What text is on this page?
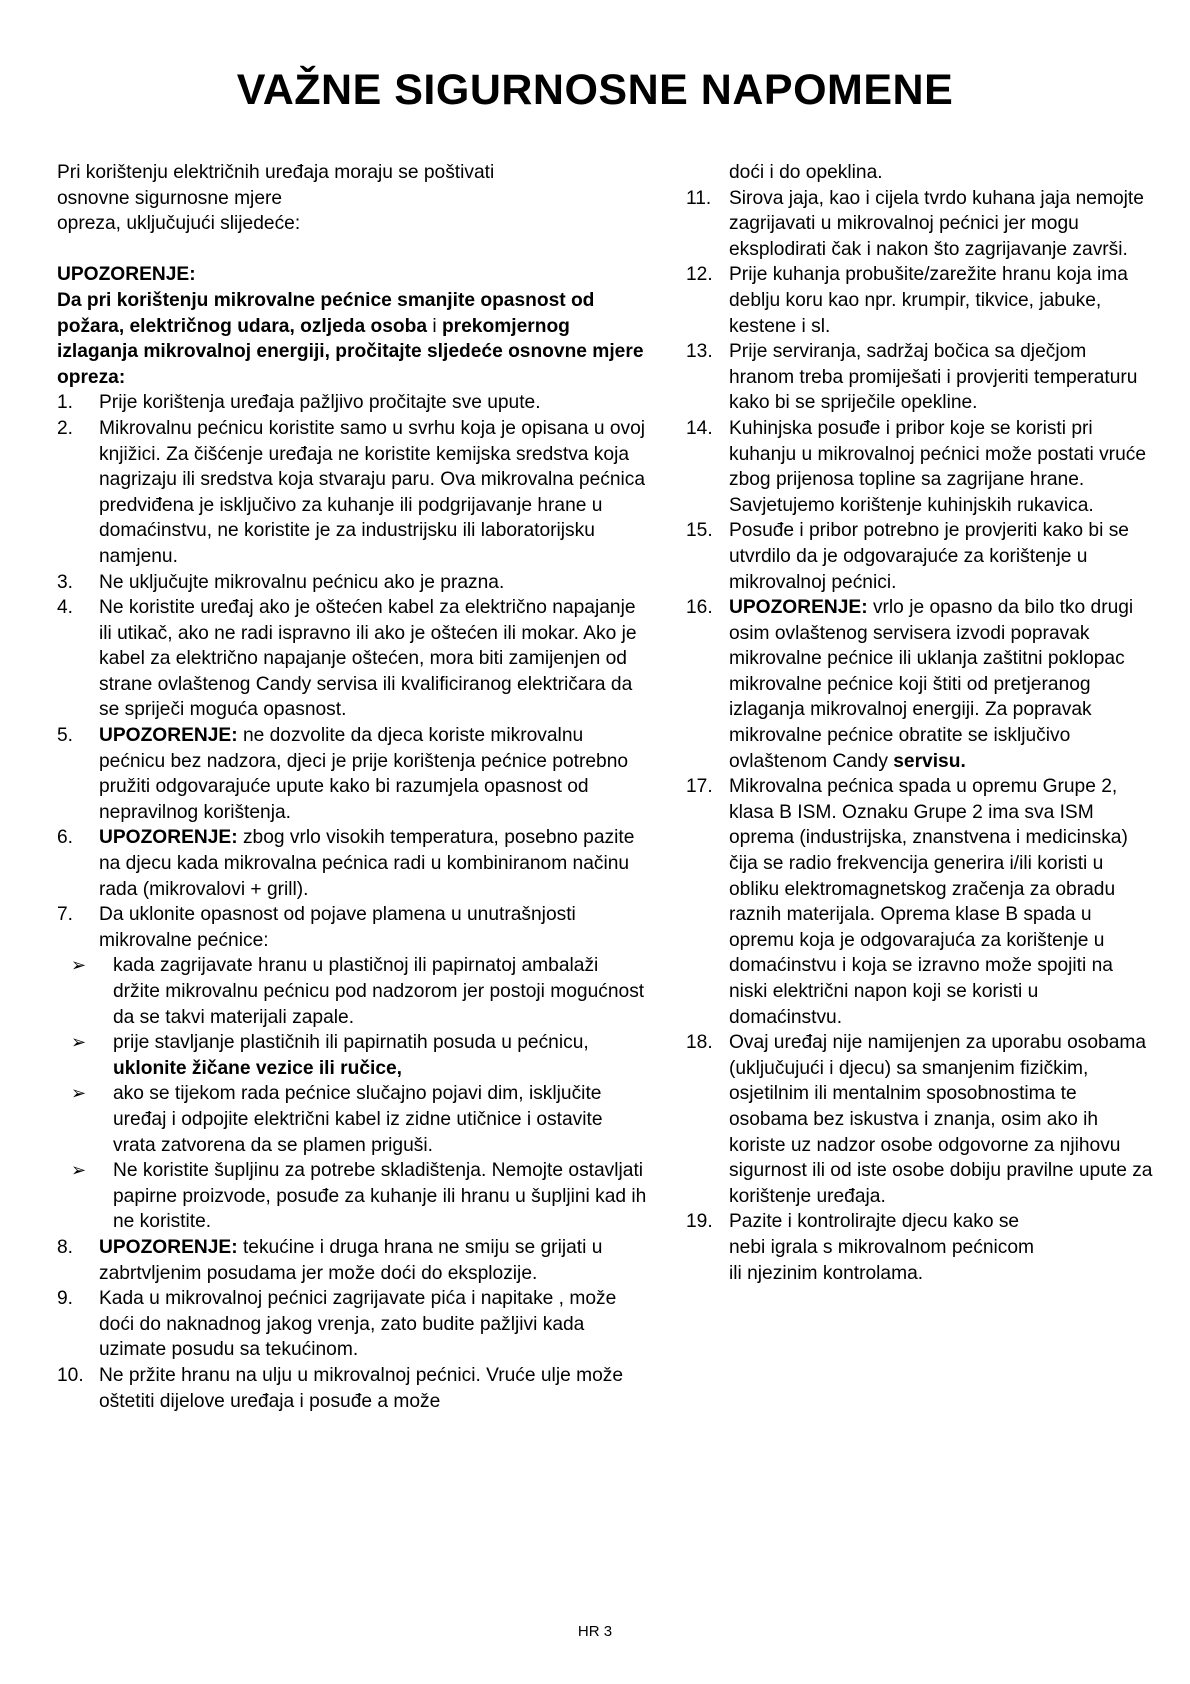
VAŽNE SIGURNOSNE NAPOMENE

Pri korištenju električnih uređaja moraju se poštivati

osnovne sigurnosne mjere

opreza, uključujući slijedeće:

UPOZORENJE:

Da pri korištenju mikrovalne pećnice smanjite opasnost od požara, električnog udara, ozljeda osoba i prekomjernog izlaganja mikrovalnoj energiji, pročitajte sljedeće osnovne mjere opreza:

1. Prije korištenja uređaja pažljivo pročitajte sve upute.
2. Mikrovalnu pećnicu koristite samo u svrhu koja je opisana u ovoj knjižici. Za čišćenje uređaja ne koristite kemijska sredstva koja nagrizaju ili sredstva koja stvaraju paru. Ova mikrovalna pećnica predviđena je isključivo za kuhanje ili podgrijavanje hrane u domaćinstvu, ne koristite je za industrijsku ili laboratorijsku namjenu.
3. Ne uključujte mikrovalnu pećnicu ako je prazna.
4. Ne koristite uređaj ako je oštećen kabel za električno napajanje ili utikač, ako ne radi ispravno ili ako je oštećen ili mokar. Ako je kabel za električno napajanje oštećen, mora biti zamijenjen od strane ovlaštenog Candy servisa ili kvalificiranog električara da se spriječi moguća opasnost.
5. UPOZORENJE: ne dozvolite da djeca koriste mikrovalnu pećnicu bez nadzora, djeci je prije korištenja pećnice potrebno pružiti odgovarajuće upute kako bi razumjela opasnost od nepravilnog korištenja.
6. UPOZORENJE: zbog vrlo visokih temperatura, posebno pazite na djecu kada mikrovalna pećnica radi u kombiniranom načinu rada (mikrovalovi + grill).
7. Da uklonite opasnost od pojave plamena u unutrašnjosti mikrovalne pećnice:
➢ kada zagrijavate hranu u plastičnoj ili papirnatoj ambalaži držite mikrovalnu pećnicu pod nadzorom jer postoji mogućnost da se takvi materijali zapale.
➢ prije stavljanje plastičnih ili papirnatih posuda u pećnicu, uklonite žičane vezice ili ručice,
➢ ako se tijekom rada pećnice slučajno pojavi dim, isključite uređaj i odpojite električni kabel iz zidne utičnice i ostavite vrata zatvorena da se plamen priguši.
➢ Ne koristite šupljinu za potrebe skladištenja. Nemojte ostavljati papirne proizvode, posuđe za kuhanje ili hranu u šupljini kad ih ne koristite.
8. UPOZORENJE: tekućine i druga hrana ne smiju se grijati u zabrtvljenim posudama jer može doći do eksplozije.
9. Kada u mikrovalnoj pećnici zagrijavate pića i napitake , može doći do naknadnog jakog vrenja, zato budite pažljivi kada uzimate posudu sa tekućinom.
10. Ne pržite hranu na ulju u mikrovalnoj pećnici. Vruće ulje može oštetiti dijelove uređaja i posuđe a može

doći i do opeklina.

11. Sirova jaja, kao i cijela tvrdo kuhana jaja nemojte zagrijavati u mikrovalnoj pećnici jer mogu eksplodirati čak i nakon što zagrijavanje završi.
12. Prije kuhanja probušite/zarežite hranu koja ima deblju koru kao npr. krumpir, tikvice, jabuke, kestene i sl.
13. Prije serviranja, sadržaj bočica sa dječjom hranom treba promiješati i provjeriti temperaturu kako bi se spriječile opekline.
14. Kuhinjska posuđe i pribor koje se koristi pri kuhanju u mikrovalnoj pećnici može postati vruće zbog prijenosa topline sa zagrijane hrane. Savjetujemo korištenje kuhinjskih rukavica.
15. Posuđe i pribor potrebno je provjeriti kako bi se utvrdilo da je odgovarajuće za korištenje u mikrovalnoj pećnici.
16. UPOZORENJE: vrlo je opasno da bilo tko drugi osim ovlaštenog servisera izvodi popravak mikrovalne pećnice ili uklanja zaštitni poklopac mikrovalne pećnice koji štiti od pretjeranog izlaganja mikrovalnoj energiji. Za popravak mikrovalne pećnice obratite se isključivo ovlaštenom Candy servisu.
17. Mikrovalna pećnica spada u opremu Grupe 2, klasa B ISM. Oznaku Grupe 2 ima sva ISM oprema (industrijska, znanstvena i medicinska) čija se radio frekvencija generira i/ili koristi u obliku elektromagnetskog zračenja za obradu raznih materijala. Oprema klase B spada u opremu koja je odgovarajuća za korištenje u domaćinstvu i koja se izravno može spojiti na niski električni napon koji se koristi u domaćinstvu.
18. Ovaj uređaj nije namijenjen za uporabu osobama (uključujući i djecu) sa smanjenim fizičkim, osjetilnim ili mentalnim sposobnostima te osobama bez iskustva i znanja, osim ako ih koriste uz nadzor osobe odgovorne za njihovu sigurnost ili od iste osobe dobiju pravilne upute za korištenje uređaja.
19. Pazite i kontrolirajte djecu kako se
nebi igrala s mikrovalnom pećnicom
ili njezinim kontrolama.
HR 3
